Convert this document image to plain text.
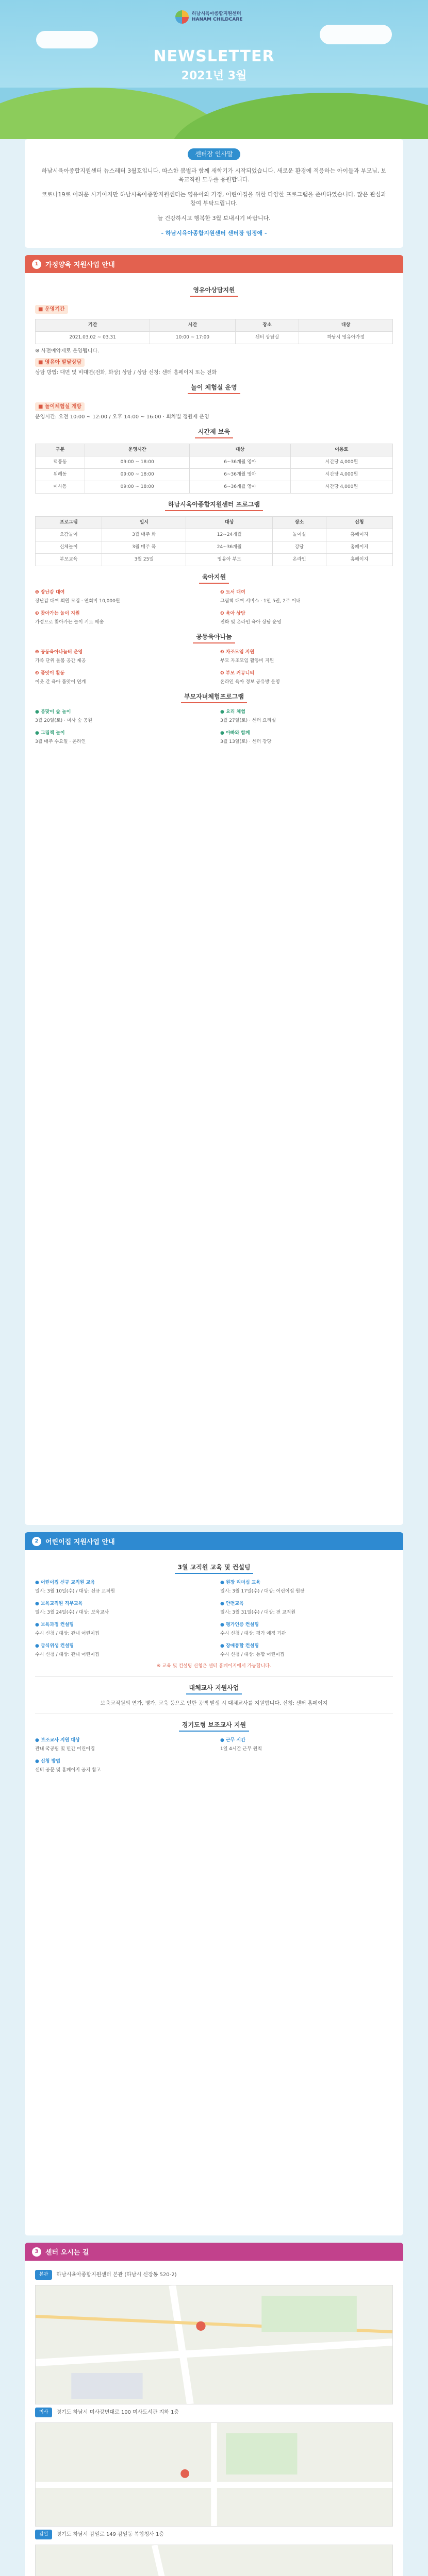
하남시육아종합지원센터
HANAM CHILDCARE
NEWSLETTER
2021년 3월
센터장 인사말

하남시육아종합지원센터 뉴스레터 3월호입니다. 따스한 봄볕과 함께 새학기가 시작되었습니다. 새로운 환경에 적응하는 아이들과 부모님, 보육교직원 모두를 응원합니다.

코로나19로 어려운 시기이지만 하남시육아종합지원센터는 영유아와 가정, 어린이집을 위한 다양한 프로그램을 준비하였습니다. 많은 관심과 참여 부탁드립니다.

늘 건강하시고 행복한 3월 보내시기 바랍니다.

- 하남시육아종합지원센터 센터장 임정애 -

1	가정양육 지원사업 안내
영유아상담지원
■ 운영기간
기간	시간	장소	대상
2021.03.02 ~ 03.31	10:00 ~ 17:00	센터 상담실	하남시 영유아가정
※ 사전예약제로 운영됩니다.
■ 영유아 발달상담
상담 방법: 대면 및 비대면(전화, 화상) 상담 / 상담 신청: 센터 홈페이지 또는 전화
놀이 체험실 운영
■ 놀이체험실 개방
운영시간: 오전 10:00 ~ 12:00 / 오후 14:00 ~ 16:00 · 회차별 정원제 운영
시간제 보육
구분	운영시간	대상	이용료
덕풍동	09:00 ~ 18:00	6~36개월 영아	시간당 4,000원
위례동	09:00 ~ 18:00	6~36개월 영아	시간당 4,000원
미사동	09:00 ~ 18:00	6~36개월 영아	시간당 4,000원
하남시육아종합지원센터 프로그램
프로그램	일시	대상	장소	신청
오감놀이	3월 매주 화	12~24개월	놀이실	홈페이지
신체놀이	3월 매주 목	24~36개월	강당	홈페이지
부모교육	3월 25일	영유아 부모	온라인	홈페이지
육아지원
❶ 장난감 대여
장난감 대여 회원 모집 · 연회비 10,000원
❷ 도서 대여
그림책 대여 서비스 · 1인 5권, 2주 이내
❸ 찾아가는 놀이 지원
가정으로 찾아가는 놀이 키트 배송
❹ 육아 상담
전화 및 온라인 육아 상담 운영
공동육아나눔
❶ 공동육아나눔터 운영
가족 단위 돌봄 공간 제공
❷ 자조모임 지원
부모 자조모임 활동비 지원
❸ 품앗이 활동
이웃 간 육아 품앗이 연계
❹ 부모 커뮤니티
온라인 육아 정보 공유방 운영
부모자녀체험프로그램
● 봄맞이 숲 놀이
3월 20일(토) · 미사 숲 공원
● 요리 체험
3월 27일(토) · 센터 요리실
● 그림책 놀이
3월 매주 수요일 · 온라인
● 아빠와 함께
3월 13일(토) · 센터 강당
2	어린이집 지원사업 안내
3월 교직원 교육 및 컨설팅
● 어린이집 신규 교직원 교육
일시: 3월 10일(수) / 대상: 신규 교직원
● 원장 리더십 교육
일시: 3월 17일(수) / 대상: 어린이집 원장
● 보육교직원 직무교육
일시: 3월 24일(수) / 대상: 보육교사
● 안전교육
일시: 3월 31일(수) / 대상: 전 교직원
● 보육과정 컨설팅
수시 신청 / 대상: 관내 어린이집
● 평가인증 컨설팅
수시 신청 / 대상: 평가 예정 기관
● 급식위생 컨설팅
수시 신청 / 대상: 관내 어린이집
● 장애통합 컨설팅
수시 신청 / 대상: 통합 어린이집
※ 교육 및 컨설팅 신청은 센터 홈페이지에서 가능합니다.
대체교사 지원사업
보육교직원의 연가, 병가, 교육 등으로 인한 공백 발생 시 대체교사를 지원합니다. 신청: 센터 홈페이지
경기도형 보조교사 지원
● 보조교사 지원 대상
관내 국공립 및 민간 어린이집
● 근무 시간
1일 4시간 근무 원칙
● 신청 방법
센터 공문 및 홈페이지 공지 참고
3	센터 오시는 길
본관	하남시육아종합지원센터 본관 (하남시 신장동 520-2)
●
미사	경기도 하남시 미사강변대로 100 미사도서관 지하 1층
●
감일	경기도 하남시 감일로 149 감일동 복합청사 1층
